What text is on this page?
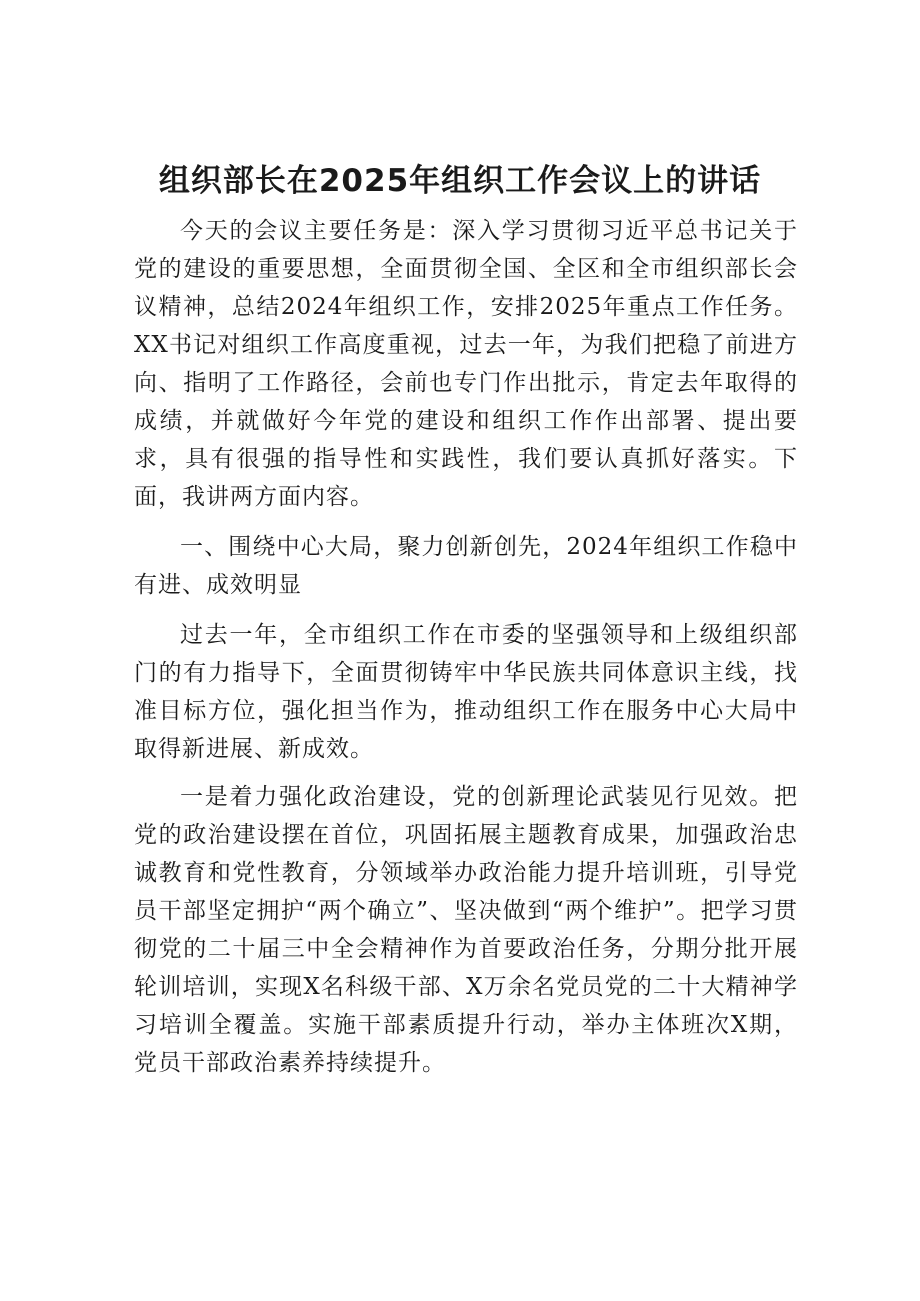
组织部长在2025年组织工作会议上的讲话

今天的会议主要任务是：深入学习贯彻习近平总书记关于党的建设的重要思想，全面贯彻全国、全区和全市组织部长会议精神，总结2024年组织工作，安排2025年重点工作任务。XX书记对组织工作高度重视，过去一年，为我们把稳了前进方向、指明了工作路径，会前也专门作出批示，肯定去年取得的成绩，并就做好今年党的建设和组织工作作出部署、提出要求，具有很强的指导性和实践性，我们要认真抓好落实。下面，我讲两方面内容。

一、围绕中心大局，聚力创新创先，2024年组织工作稳中有进、成效明显

过去一年，全市组织工作在市委的坚强领导和上级组织部门的有力指导下，全面贯彻铸牢中华民族共同体意识主线，找准目标方位，强化担当作为，推动组织工作在服务中心大局中取得新进展、新成效。

一是着力强化政治建设，党的创新理论武装见行见效。把党的政治建设摆在首位，巩固拓展主题教育成果，加强政治忠诚教育和党性教育，分领域举办政治能力提升培训班，引导党员干部坚定拥护“两个确立”、坚决做到“两个维护”。把学习贯彻党的二十届三中全会精神作为首要政治任务，分期分批开展轮训培训，实现X名科级干部、X万余名党员党的二十大精神学习培训全覆盖。实施干部素质提升行动，举办主体班次X期，党员干部政治素养持续提升。
